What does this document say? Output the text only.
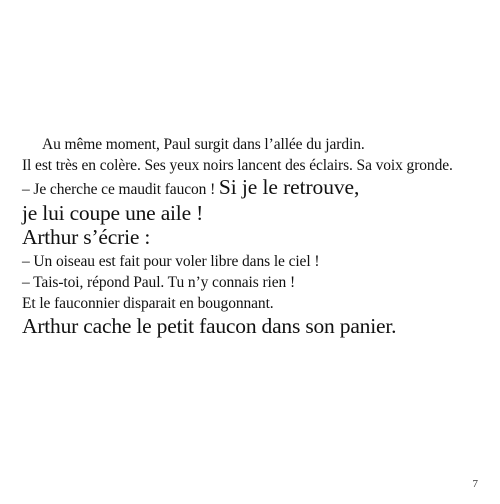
Au même moment, Paul surgit dans l’allée du jardin.
Il est très en colère. Ses yeux noirs lancent des éclairs. Sa voix gronde.
– Je cherche ce maudit faucon ! Si je le retrouve,
je lui coupe une aile !
Arthur s’écrie :
– Un oiseau est fait pour voler libre dans le ciel !
– Tais-toi, répond Paul. Tu n’y connais rien !
Et le fauconnier disparait en bougonnant.
Arthur cache le petit faucon dans son panier.
7
